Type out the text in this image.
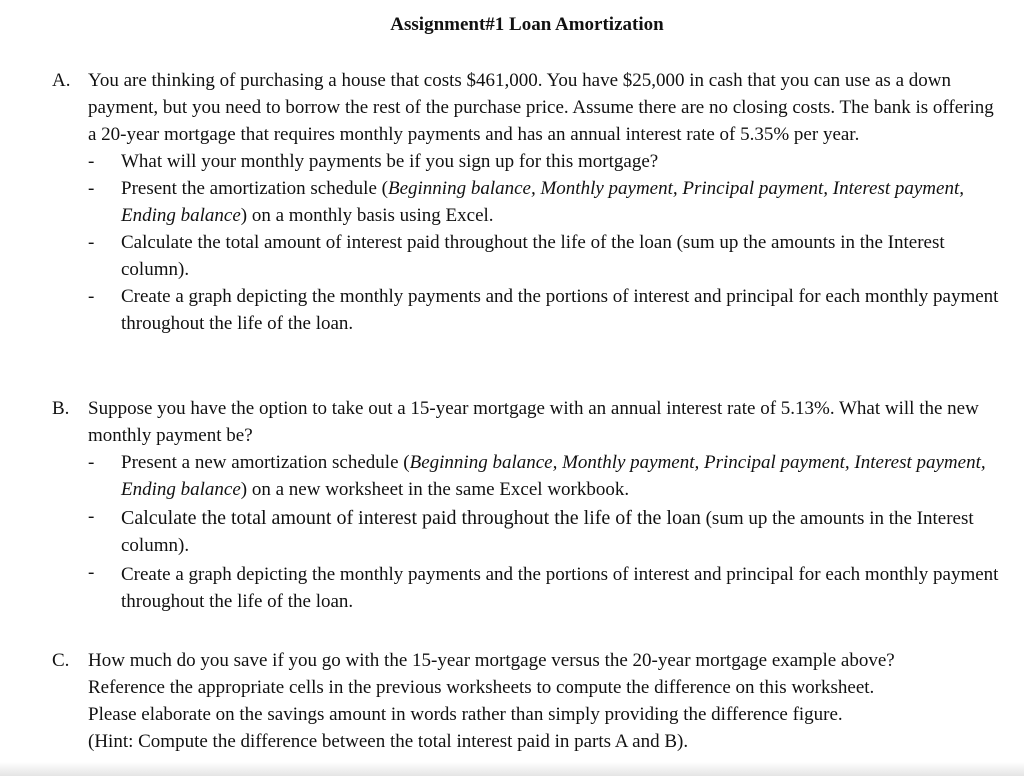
Assignment#1 Loan Amortization
A. You are thinking of purchasing a house that costs $461,000. You have $25,000 in cash that you can use as a down payment, but you need to borrow the rest of the purchase price. Assume there are no closing costs. The bank is offering a 20-year mortgage that requires monthly payments and has an annual interest rate of 5.35% per year.
- What will your monthly payments be if you sign up for this mortgage?
- Present the amortization schedule (Beginning balance, Monthly payment, Principal payment, Interest payment, Ending balance) on a monthly basis using Excel.
- Calculate the total amount of interest paid throughout the life of the loan (sum up the amounts in the Interest column).
- Create a graph depicting the monthly payments and the portions of interest and principal for each monthly payment throughout the life of the loan.
B. Suppose you have the option to take out a 15-year mortgage with an annual interest rate of 5.13%. What will the new monthly payment be?
- Present a new amortization schedule (Beginning balance, Monthly payment, Principal payment, Interest payment, Ending balance) on a new worksheet in the same Excel workbook.
- Calculate the total amount of interest paid throughout the life of the loan (sum up the amounts in the Interest column).
- Create a graph depicting the monthly payments and the portions of interest and principal for each monthly payment throughout the life of the loan.
C. How much do you save if you go with the 15-year mortgage versus the 20-year mortgage example above?
Reference the appropriate cells in the previous worksheets to compute the difference on this worksheet.
Please elaborate on the savings amount in words rather than simply providing the difference figure.
(Hint: Compute the difference between the total interest paid in parts A and B).
